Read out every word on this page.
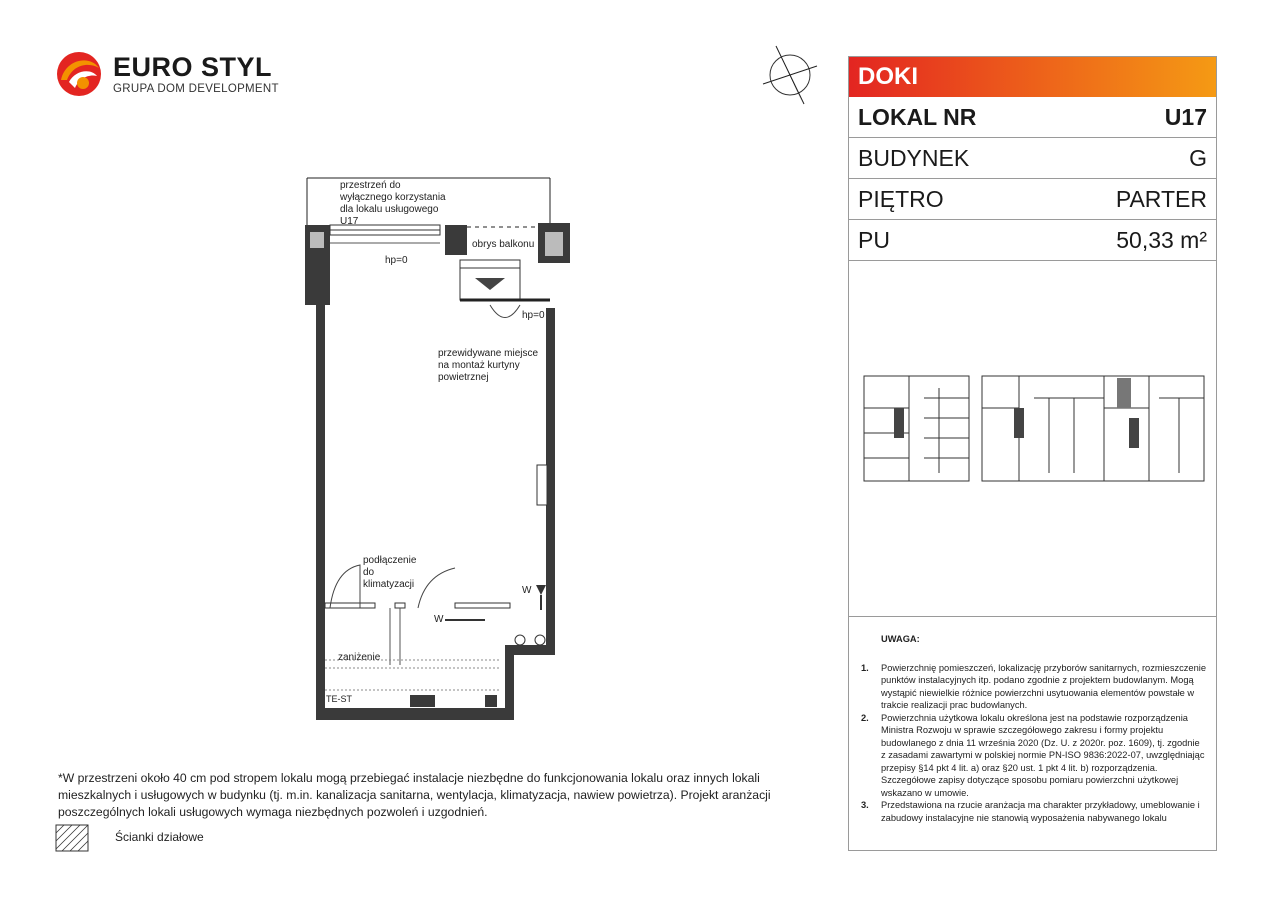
EURO STYL
GRUPA DOM DEVELOPMENT
przestrzeń do wyłącznego korzystania dla lokalu usługowego U17
obrys balkonu
hp=0
hp=0
przewidywane miejsce na montaż kurtyny powietrznej
podłączenie do klimatyzacji
zaniżenie
W
W
TE-ST
DOKI
LOKAL NR	U17
BUDYNEK	G
PIĘTRO	PARTER
PU	50,33 m²
UWAGA:
1.	Powierzchnię pomieszczeń, lokalizację przyborów sanitarnych, rozmieszczenie punktów instalacyjnych itp. podano zgodnie z projektem budowlanym. Mogą wystąpić niewielkie różnice powierzchni usytuowania elementów powstałe w trakcie realizacji prac budowlanych.
2.	Powierzchnia użytkowa lokalu określona jest na podstawie rozporządzenia Ministra Rozwoju w sprawie szczegółowego zakresu i formy projektu budowlanego z dnia 11 września 2020 (Dz. U. z 2020r. poz. 1609), tj. zgodnie z zasadami zawartymi w polskiej normie PN-ISO 9836:2022-07, uwzględniając przepisy §14 pkt 4 lit. a) oraz §20 ust. 1 pkt 4 lit. b) rozporządzenia. Szczegółowe zapisy dotyczące sposobu pomiaru powierzchni użytkowej wskazano w umowie.
3.	Przedstawiona na rzucie aranżacja ma charakter przykładowy, umeblowanie i zabudowy instalacyjne nie stanowią wyposażenia nabywanego lokalu
*W przestrzeni około 40 cm pod stropem lokalu mogą przebiegać instalacje niezbędne do funkcjonowania lokalu oraz innych lokali mieszkalnych i usługowych w budynku (tj. m.in. kanalizacja sanitarna, wentylacja, klimatyzacja, nawiew powietrza). Projekt aranżacji poszczególnych lokali usługowych wymaga niezbędnych pozwoleń i uzgodnień.
Ścianki działowe
